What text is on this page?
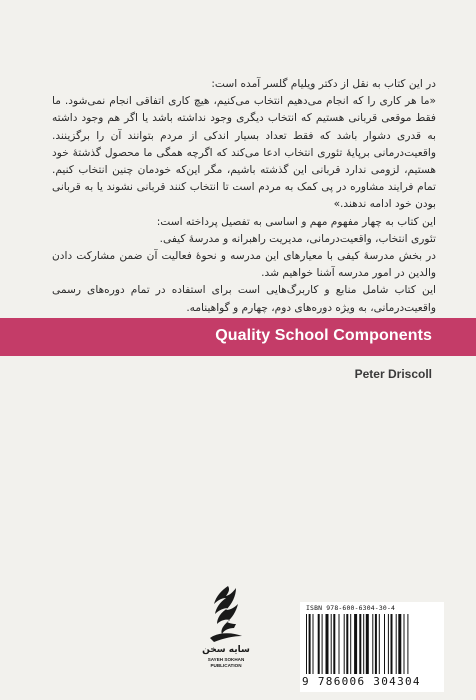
در این کتاب به نقل از دکتر ویلیام گلسر آمده است:

«ما هر کاری را که انجام می‌دهیم انتخاب می‌کنیم، هیچ کاری اتفاقی انجام نمی‌شود. ما فقط موقعی قربانی هستیم که انتخاب دیگری وجود نداشته باشد یا اگر هم وجود داشته به قدری دشوار باشد که فقط تعداد بسیار اندکی از مردم بتوانند آن را برگزینند. واقعیت‌درمانی برپایهٔ تئوری انتخاب ادعا می‌کند که اگرچه همگی ما محصول گذشتهٔ خود هستیم، لزومی ندارد قربانی این گذشته باشیم، مگر این‌که خودمان چنین انتخاب کنیم. تمام فرایند مشاوره در پی کمک به مردم است تا انتخاب کنند قربانی نشوند یا به قربانی بودن خود ادامه ندهند.»

این کتاب به چهار مفهوم مهم و اساسی به تفصیل پرداخته است:

تئوری انتخاب، واقعیت‌درمانی، مدیریت راهبرانه و مدرسهٔ کیفی.

در بخش مدرسهٔ کیفی با معیارهای این مدرسه و نحوهٔ فعالیت آن ضمن مشارکت دادن والدین در امور مدرسه آشنا خواهیم شد.

این کتاب شامل منابع و کاربرگ‌هایی است برای استفاده در تمام دوره‌های رسمی واقعیت‌درمانی، به ویژه دوره‌های دوم، چهارم و گواهینامه.

Quality School Components
Peter Driscoll
سایه سخن
SAYEH SOKHAN
PUBLICATION
ISBN 978-600-6304-30-4
9 786006 304304
